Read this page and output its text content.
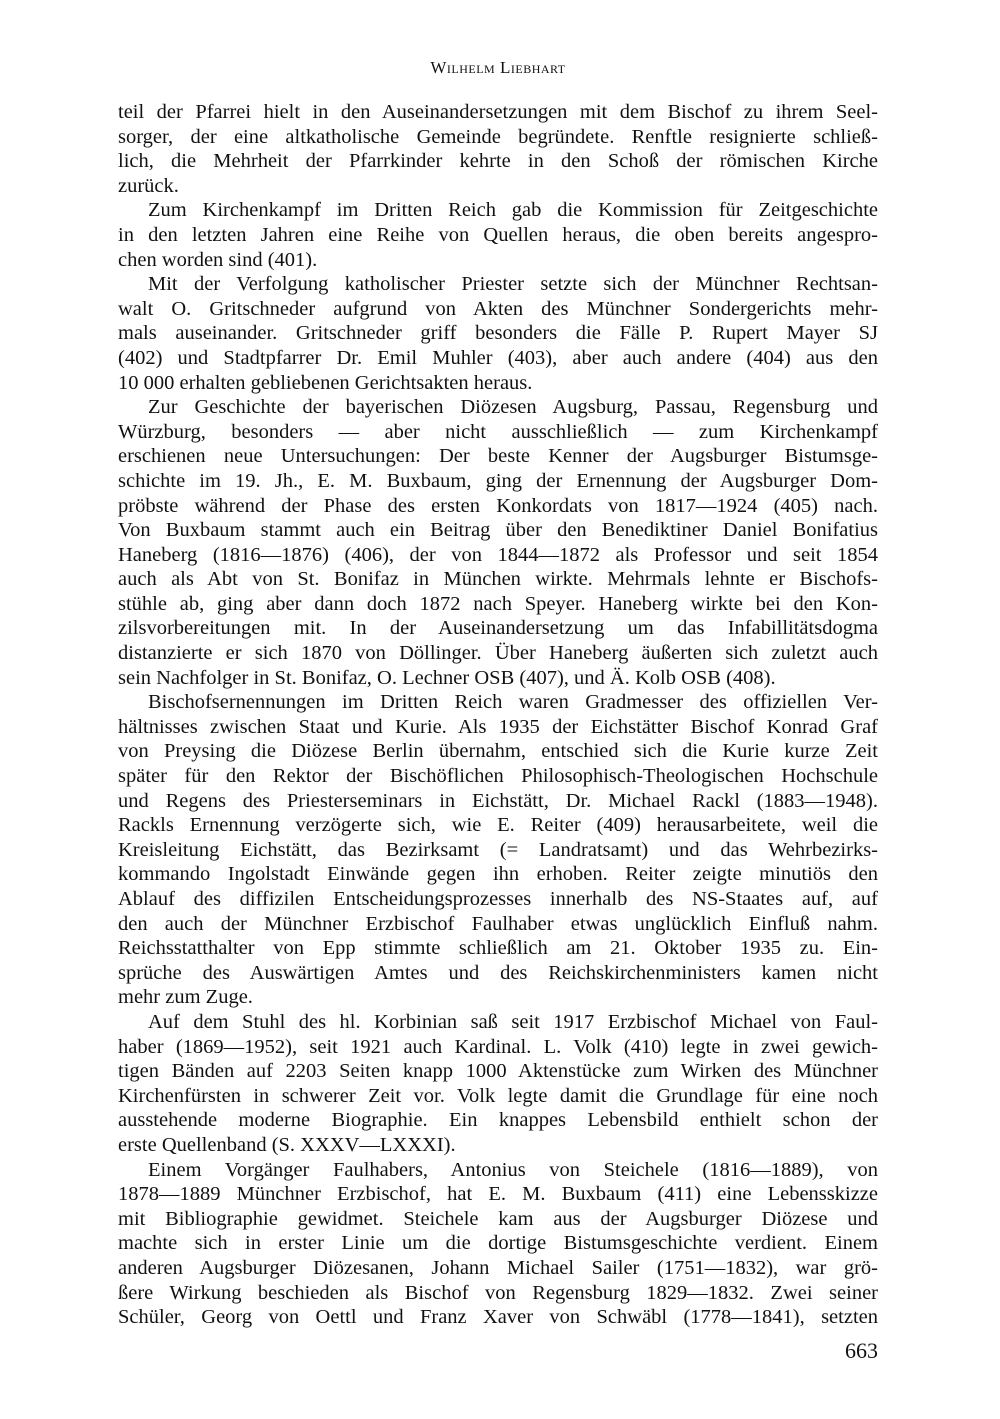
Wilhelm Liebhart

teil der Pfarrei hielt in den Auseinandersetzungen mit dem Bischof zu ihrem Seel-
sorger, der eine altkatholische Gemeinde begründete. Renftle resignierte schließ-
lich, die Mehrheit der Pfarrkinder kehrte in den Schoß der römischen Kirche
zurück.

Zum Kirchenkampf im Dritten Reich gab die Kommission für Zeitgeschichte
in den letzten Jahren eine Reihe von Quellen heraus, die oben bereits angespro-
chen worden sind (401).

Mit der Verfolgung katholischer Priester setzte sich der Münchner Rechtsan-
walt O. Gritschneder aufgrund von Akten des Münchner Sondergerichts mehr-
mals auseinander. Gritschneder griff besonders die Fälle P. Rupert Mayer SJ
(402) und Stadtpfarrer Dr. Emil Muhler (403), aber auch andere (404) aus den
10 000 erhalten gebliebenen Gerichtsakten heraus.

Zur Geschichte der bayerischen Diözesen Augsburg, Passau, Regensburg und
Würzburg, besonders — aber nicht ausschließlich — zum Kirchenkampf
erschienen neue Untersuchungen: Der beste Kenner der Augsburger Bistumsge-
schichte im 19. Jh., E. M. Buxbaum, ging der Ernennung der Augsburger Dom-
pröbste während der Phase des ersten Konkordats von 1817—1924 (405) nach.
Von Buxbaum stammt auch ein Beitrag über den Benediktiner Daniel Bonifatius
Haneberg (1816—1876) (406), der von 1844—1872 als Professor und seit 1854
auch als Abt von St. Bonifaz in München wirkte. Mehrmals lehnte er Bischofs-
stühle ab, ging aber dann doch 1872 nach Speyer. Haneberg wirkte bei den Kon-
zilsvorbereitungen mit. In der Auseinandersetzung um das Infabillitätsdogma
distanzierte er sich 1870 von Döllinger. Über Haneberg äußerten sich zuletzt auch
sein Nachfolger in St. Bonifaz, O. Lechner OSB (407), und Ä. Kolb OSB (408).

Bischofsernennungen im Dritten Reich waren Gradmesser des offiziellen Ver-
hältnisses zwischen Staat und Kurie. Als 1935 der Eichstätter Bischof Konrad Graf
von Preysing die Diözese Berlin übernahm, entschied sich die Kurie kurze Zeit
später für den Rektor der Bischöflichen Philosophisch-Theologischen Hochschule
und Regens des Priesterseminars in Eichstätt, Dr. Michael Rackl (1883—1948).
Rackls Ernennung verzögerte sich, wie E. Reiter (409) herausarbeitete, weil die
Kreisleitung Eichstätt, das Bezirksamt (= Landratsamt) und das Wehrbezirks-
kommando Ingolstadt Einwände gegen ihn erhoben. Reiter zeigte minutiös den
Ablauf des diffizilen Entscheidungsprozesses innerhalb des NS-Staates auf, auf
den auch der Münchner Erzbischof Faulhaber etwas unglücklich Einfluß nahm.
Reichsstatthalter von Epp stimmte schließlich am 21. Oktober 1935 zu. Ein-
sprüche des Auswärtigen Amtes und des Reichskirchenministers kamen nicht
mehr zum Zuge.

Auf dem Stuhl des hl. Korbinian saß seit 1917 Erzbischof Michael von Faul-
haber (1869—1952), seit 1921 auch Kardinal. L. Volk (410) legte in zwei gewich-
tigen Bänden auf 2203 Seiten knapp 1000 Aktenstücke zum Wirken des Münchner
Kirchenfürsten in schwerer Zeit vor. Volk legte damit die Grundlage für eine noch
ausstehende moderne Biographie. Ein knappes Lebensbild enthielt schon der
erste Quellenband (S. XXXV—LXXXI).

Einem Vorgänger Faulhabers, Antonius von Steichele (1816—1889), von
1878—1889 Münchner Erzbischof, hat E. M. Buxbaum (411) eine Lebensskizze
mit Bibliographie gewidmet. Steichele kam aus der Augsburger Diözese und
machte sich in erster Linie um die dortige Bistumsgeschichte verdient. Einem
anderen Augsburger Diözesanen, Johann Michael Sailer (1751—1832), war grö-
ßere Wirkung beschieden als Bischof von Regensburg 1829—1832. Zwei seiner
Schüler, Georg von Oettl und Franz Xaver von Schwäbl (1778—1841), setzten

663
